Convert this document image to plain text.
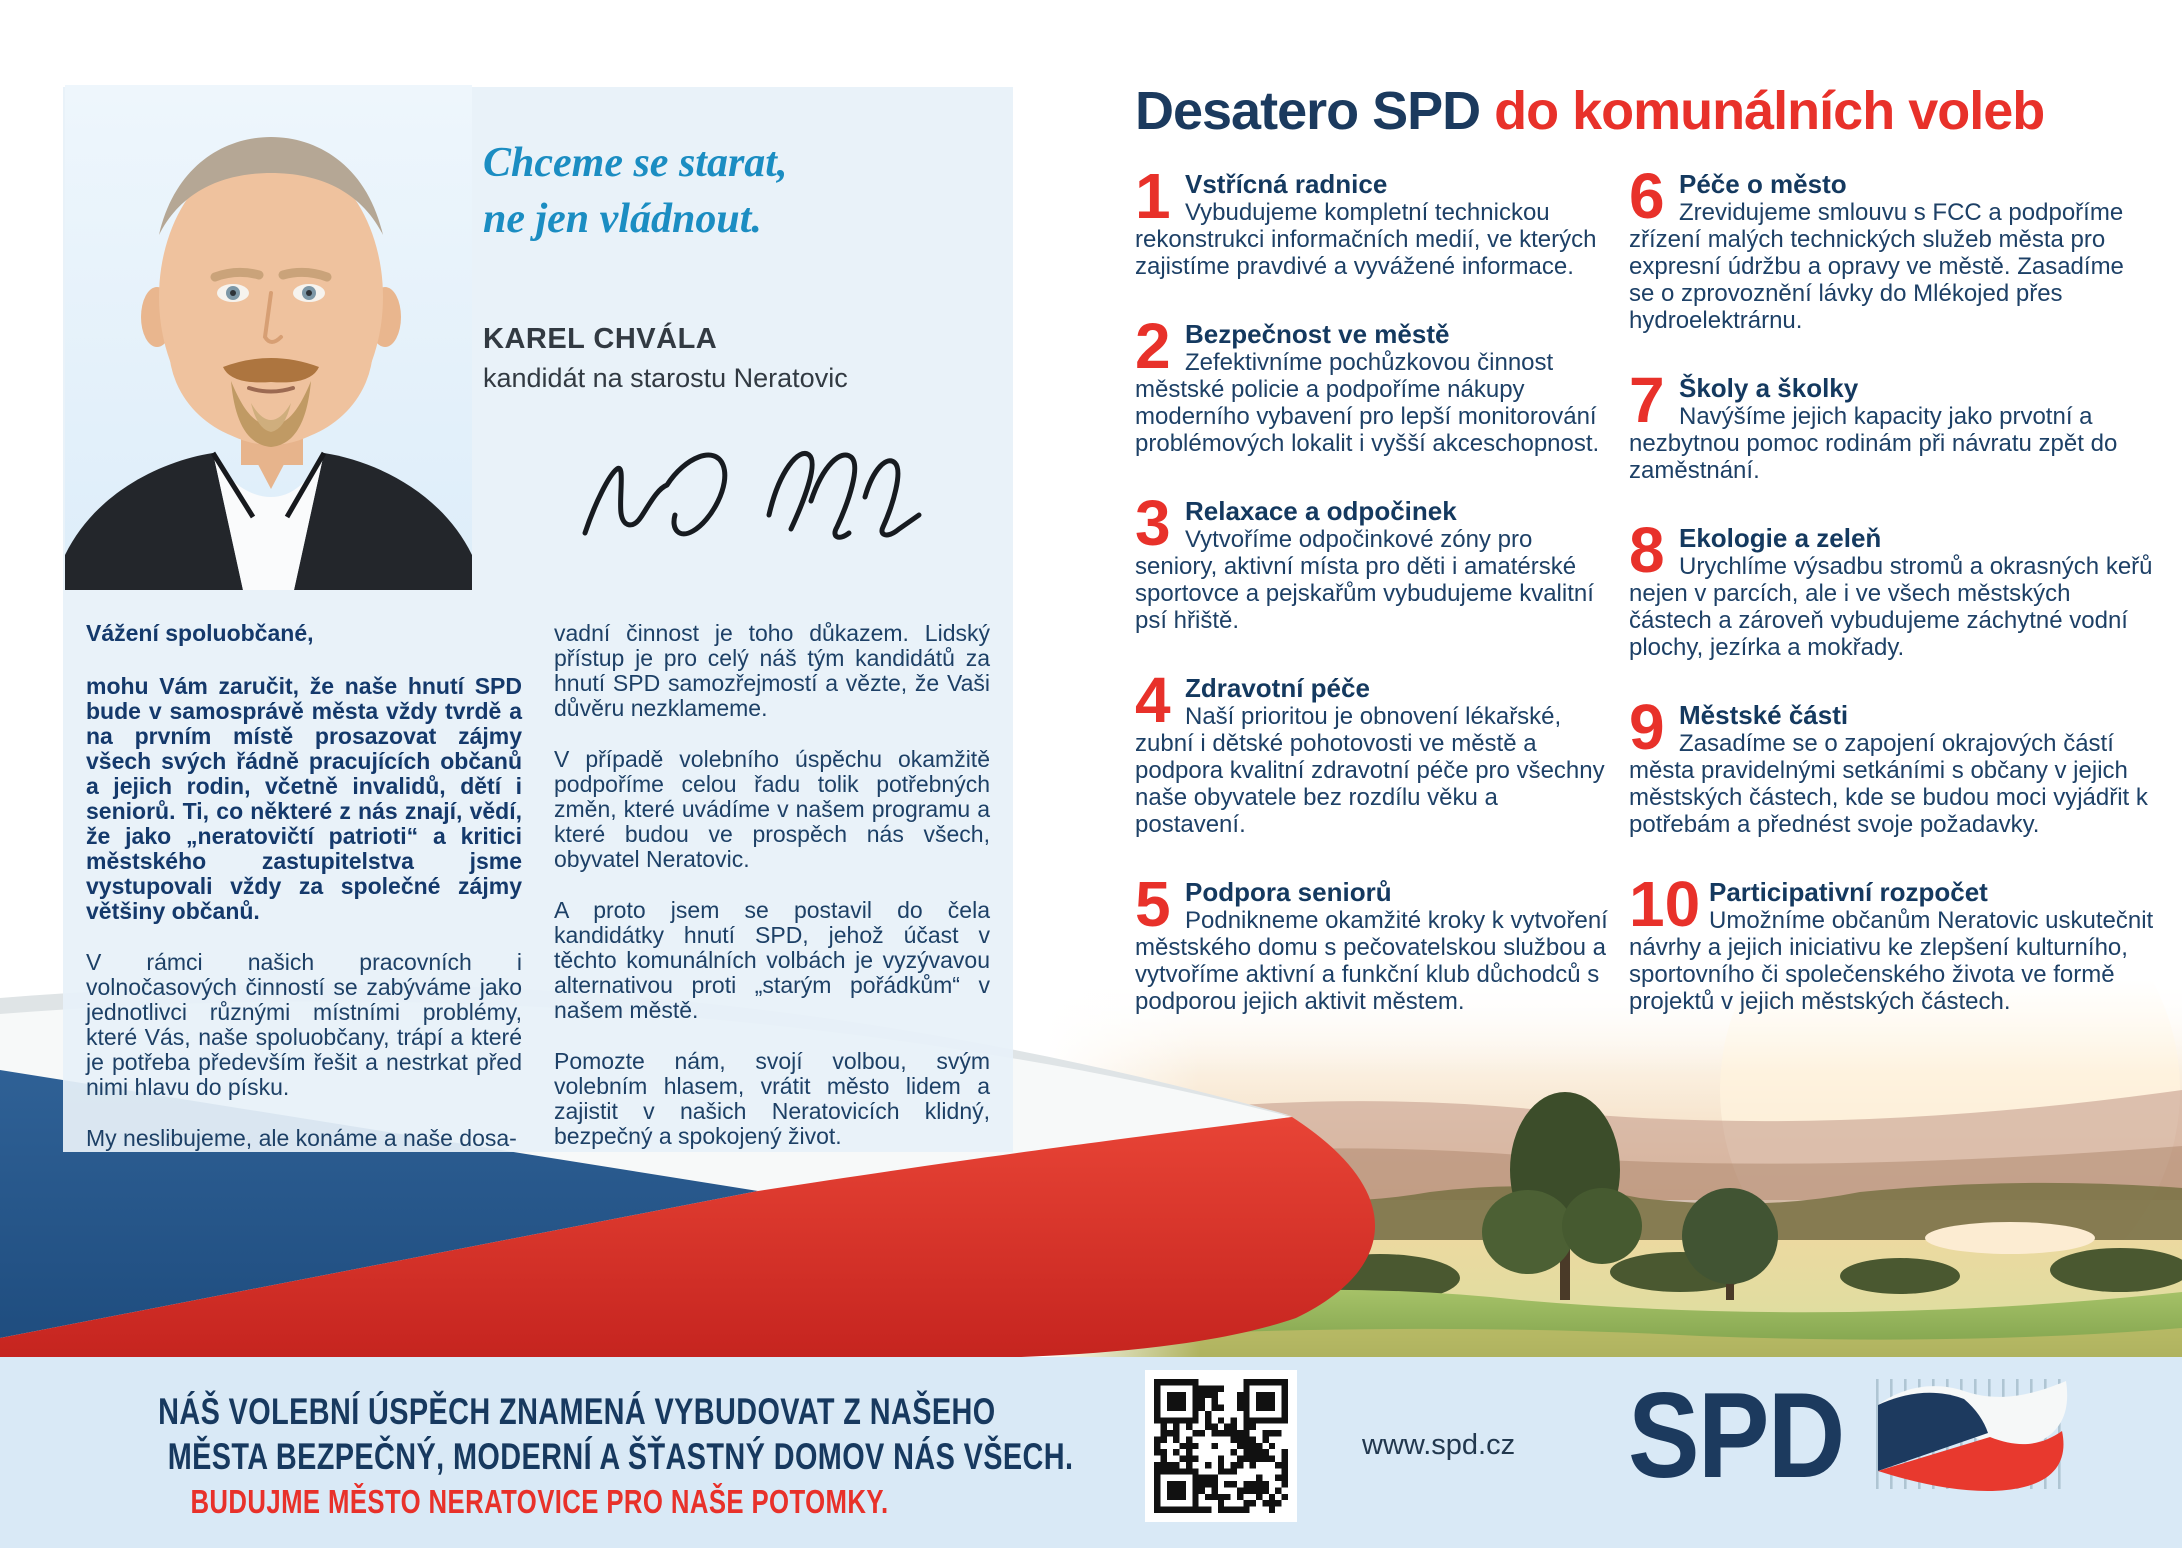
Chceme se starat,
ne jen vládnout.
KAREL CHVÁLA
kandidát na starostu Neratovic

Vážení spoluobčané,

mohu Vám zaručit, že naše hnutí SPD bude v samosprávě města vždy tvrdě a na prvním místě prosazovat zájmy všech svých řádně pracujících občanů a jejich rodin, včetně invalidů, dětí i seniorů. Ti, co některé z nás znají, vědí, že jako „neratovičtí patrioti“ a kritici městského zastupitelstva jsme vystupovali vždy za společné zájmy většiny občanů.

V rámci našich pracovních i volnočasových činností se zabýváme jako jednotlivci různými místními problémy, které Vás, naše spoluobčany, trápí a které je potřeba především řešit a nestrkat před nimi hlavu do písku.

My neslibujeme, ale konáme a naše dosa-

vadní činnost je toho důkazem. Lidský přístup je pro celý náš tým kandidátů za hnutí SPD samozřejmostí a vězte, že Vaši důvěru nezklameme.

V případě volebního úspěchu okamžitě podpoříme celou řadu tolik potřebných změn, které uvádíme v našem programu a které budou ve prospěch nás všech, obyvatel Neratovic.

A proto jsem se postavil do čela kandidátky hnutí SPD, jehož účast v těchto komunálních volbách je vyzývavou alternativou proti „starým pořádkům“ v našem městě.

Pomozte nám, svojí volbou, svým volebním hlasem, vrátit město lidem a zajistit v našich Neratovicích klidný, bezpečný a spokojený život.

Desatero SPD do komunálních voleb
1 Vstřícná radnice

Vybudujeme kompletní technickou rekonstrukci informačních medií, ve kterých zajistíme pravdivé a vyvážené informace.

2 Bezpečnost ve městě

Zefektivníme pochůzkovou činnost městské policie a podpoříme nákupy moderního vybavení pro lepší monitorování problémových lokalit i vyšší akceschopnost.

3 Relaxace a odpočinek

Vytvoříme odpočinkové zóny pro seniory, aktivní místa pro děti i amatérské sportovce a pejskařům vybudujeme kvalitní psí hřiště.

4 Zdravotní péče

Naší prioritou je obnovení lékařské, zubní i dětské pohotovosti ve městě a podpora kvalitní zdravotní péče pro všechny naše obyvatele bez rozdílu věku a postavení.

5 Podpora seniorů

Podnikneme okamžité kroky k vytvoření městského domu s pečovatelskou službou a vytvoříme aktivní a funkční klub důchodců s podporou jejich aktivit městem.

6 Péče o město

Zrevidujeme smlouvu s FCC a podpoříme zřízení malých technických služeb města pro expresní údržbu a opravy ve městě. Zasadíme se o zprovoznění lávky do Mlékojed přes hydroelektrárnu.

7 Školy a školky

Navýšíme jejich kapacity jako prvotní a nezbytnou pomoc rodinám při návratu zpět do zaměstnání.

8 Ekologie a zeleň

Urychlíme výsadbu stromů a okrasných keřů nejen v parcích, ale i ve všech městských částech a zároveň vybudujeme záchytné vodní plochy, jezírka a mokřady.

9 Městské části

Zasadíme se o zapojení okrajových částí města pravidelnými setkáními s občany v jejich městských částech, kde se budou moci vyjádřit k potřebám a přednést svoje požadavky.

10 Participativní rozpočet

Umožníme občanům Neratovic uskutečnit návrhy a jejich iniciativu ke zlepšení kulturního, sportovního či společenského života ve formě projektů v jejich městských částech.

NÁŠ VOLEBNÍ ÚSPĚCH ZNAMENÁ VYBUDOVAT Z NAŠEHO
MĚSTA BEZPEČNÝ, MODERNÍ A ŠŤASTNÝ DOMOV NÁS VŠECH.
BUDUJME MĚSTO NERATOVICE PRO NAŠE POTOMKY.
www.spd.cz SPD
